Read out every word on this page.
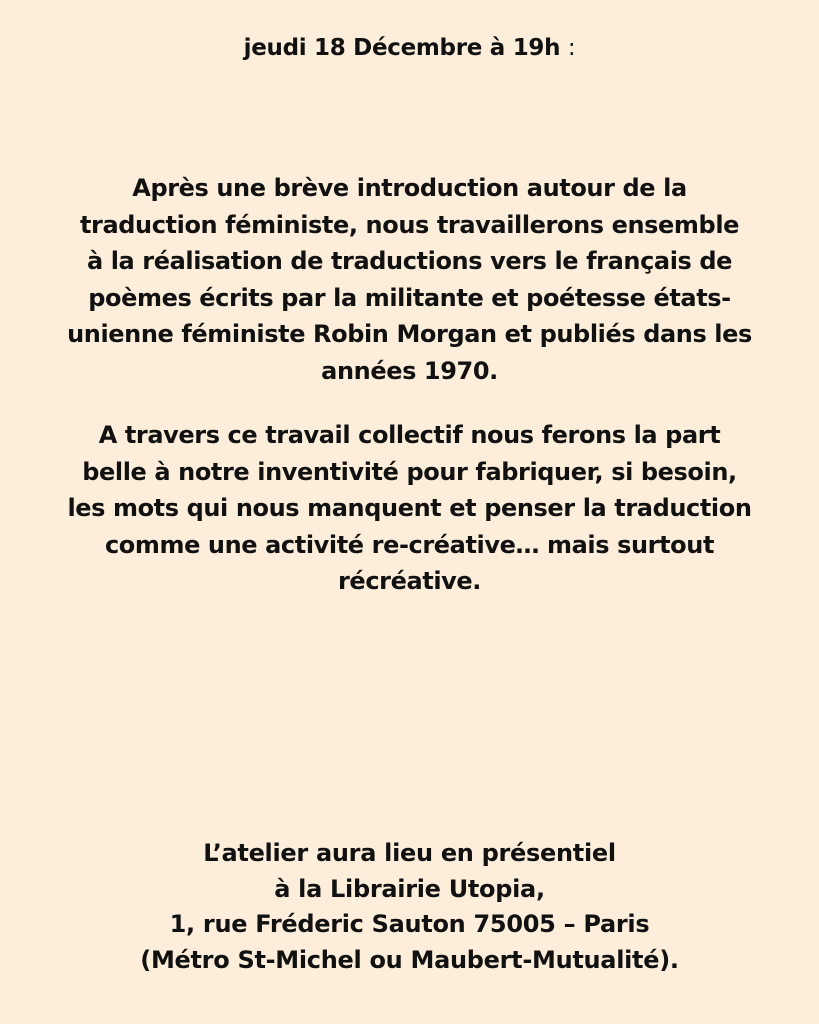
jeudi 18 Décembre à 19h :
Après une brève introduction autour de la
traduction féministe, nous travaillerons ensemble
à la réalisation de traductions vers le français de
poèmes écrits par la militante et poétesse états-
unienne féministe Robin Morgan et publiés dans les
années 1970.
A travers ce travail collectif nous ferons la part
belle à notre inventivité pour fabriquer, si besoin,
les mots qui nous manquent et penser la traduction
comme une activité re-créative… mais surtout
récréative.
L’atelier aura lieu en présentiel
à la Librairie Utopia,
1, rue Fréderic Sauton 75005 – Paris
(Métro St-Michel ou Maubert-Mutualité).
